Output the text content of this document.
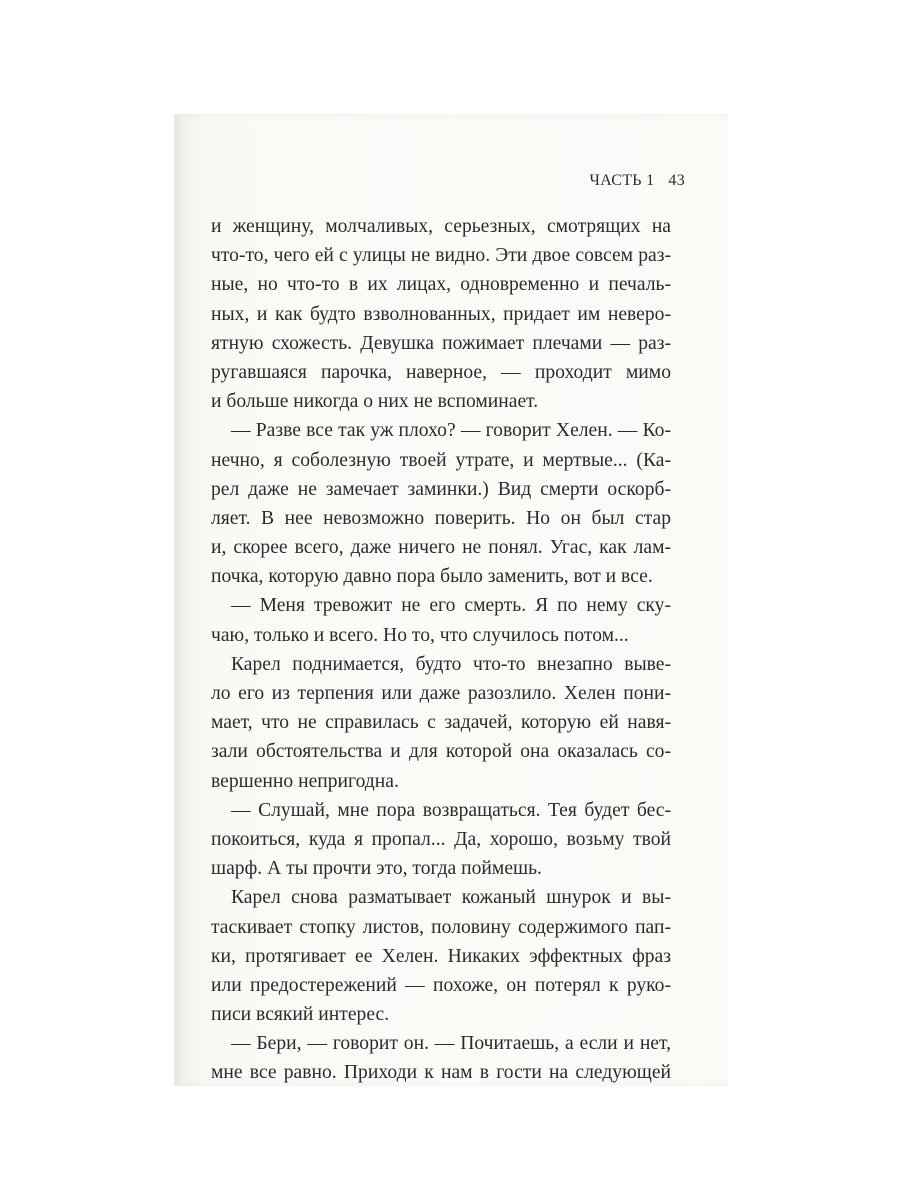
ЧАСТЬ 1 43
и женщину, молчаливых, серьезных, смотрящих на
что-то, чего ей с улицы не видно. Эти двое совсем раз-
ные, но что-то в их лицах, одновременно и печаль-
ных, и как будто взволнованных, придает им неверо-
ятную схожесть. Девушка пожимает плечами — раз-
ругавшаяся парочка, наверное, — проходит мимо
и больше никогда о них не вспоминает.
— Разве все так уж плохо? — говорит Хелен. — Ко-
нечно, я соболезную твоей утрате, и мертвые... (Ка-
рел даже не замечает заминки.) Вид смерти оскорб-
ляет. В нее невозможно поверить. Но он был стар
и, скорее всего, даже ничего не понял. Угас, как лам-
почка, которую давно пора было заменить, вот и все.
— Меня тревожит не его смерть. Я по нему ску-
чаю, только и всего. Но то, что случилось потом...
Карел поднимается, будто что-то внезапно выве-
ло его из терпения или даже разозлило. Хелен пони-
мает, что не справилась с задачей, которую ей навя-
зали обстоятельства и для которой она оказалась со-
вершенно непригодна.
— Слушай, мне пора возвращаться. Тея будет бес-
покоиться, куда я пропал... Да, хорошо, возьму твой
шарф. А ты прочти это, тогда поймешь.
Карел снова разматывает кожаный шнурок и вы-
таскивает стопку листов, половину содержимого пап-
ки, протягивает ее Хелен. Никаких эффектных фраз
или предостережений — похоже, он потерял к руко-
писи всякий интерес.
— Бери, — говорит он. — Почитаешь, а если и нет,
мне все равно. Приходи к нам в гости на следующей
